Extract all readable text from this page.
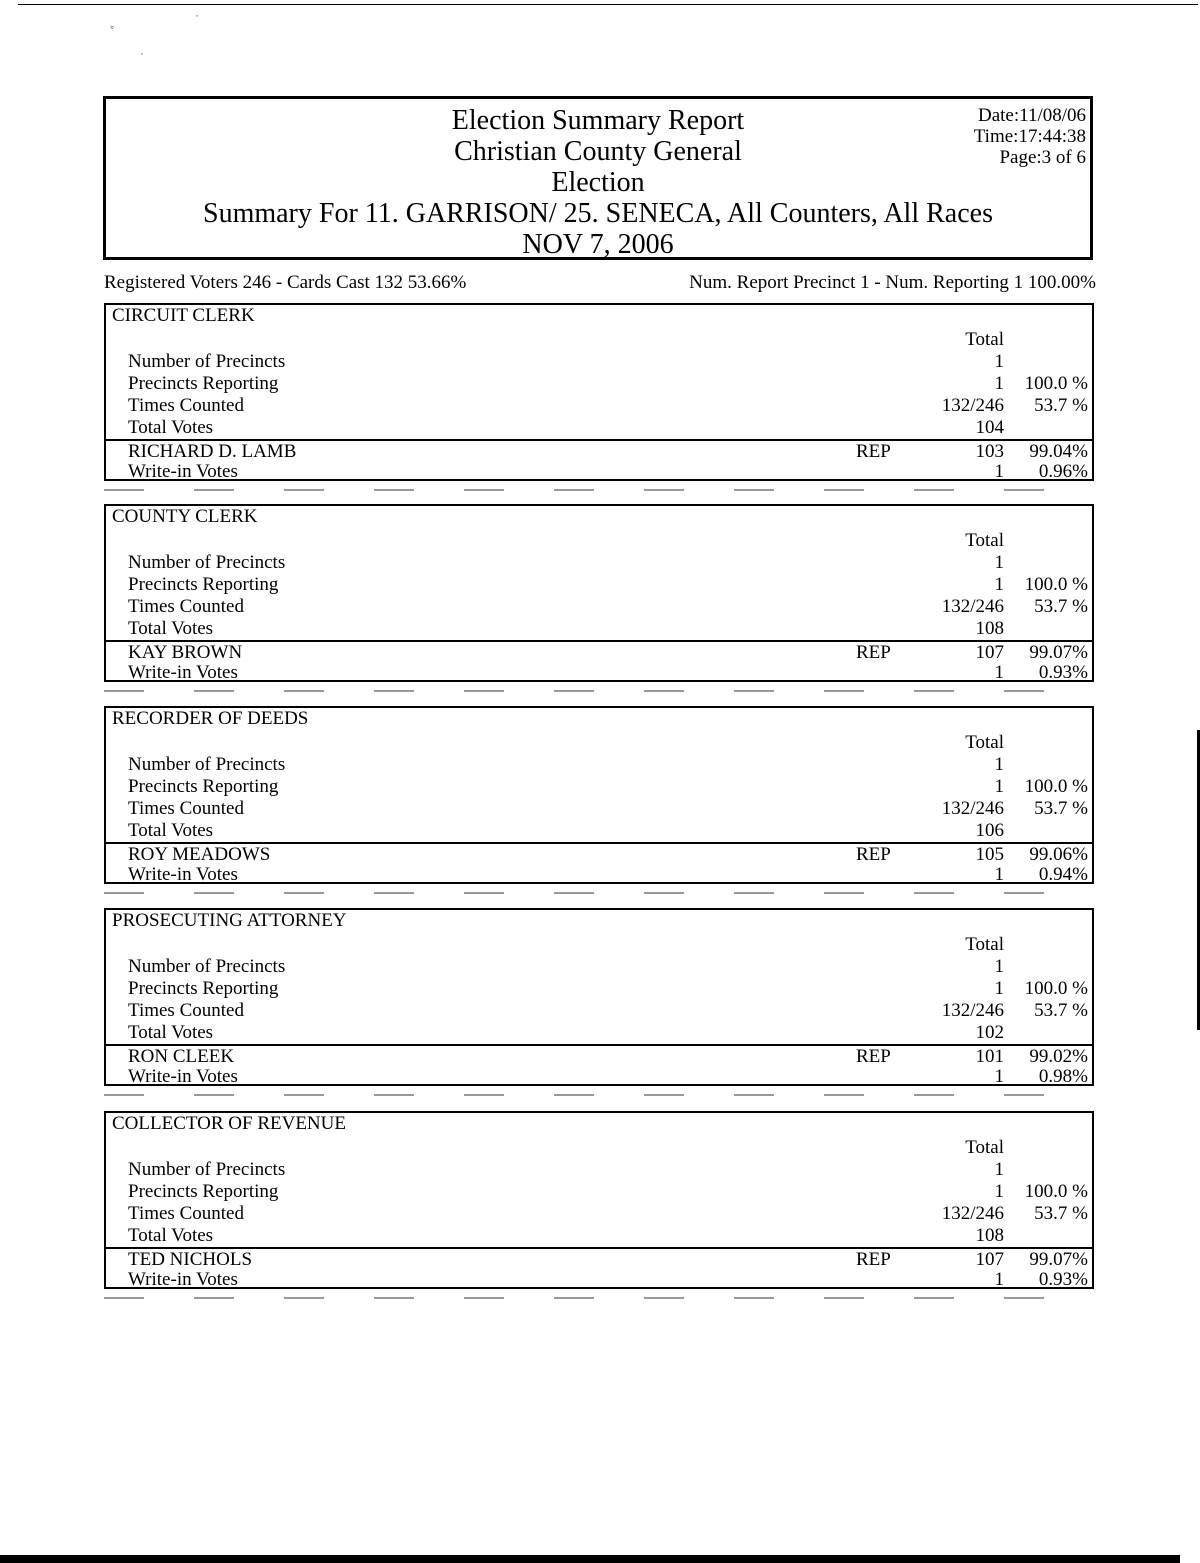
◦
˙
˙
Election Summary Report
Christian County General
Election
Summary For 11. GARRISON/ 25. SENECA, All Counters, All Races
NOV 7, 2006
Date:11/08/06
Time:17:44:38
Page:3 of 6
Registered Voters 246 - Cards Cast 132 53.66%	Num. Report Precinct 1 - Num. Reporting 1 100.00%
CIRCUIT CLERK
Total
Number of Precincts	1
Precincts Reporting	1 100.0 %
Times Counted	132/246 53.7 %
Total Votes	104
RICHARD D. LAMB	REP	103 99.04%
Write-in Votes	1 0.96%
COUNTY CLERK
Total
Number of Precincts	1
Precincts Reporting	1 100.0 %
Times Counted	132/246 53.7 %
Total Votes	108
KAY BROWN	REP	107 99.07%
Write-in Votes	1 0.93%
RECORDER OF DEEDS
Total
Number of Precincts	1
Precincts Reporting	1 100.0 %
Times Counted	132/246 53.7 %
Total Votes	106
ROY MEADOWS	REP	105 99.06%
Write-in Votes	1 0.94%
PROSECUTING ATTORNEY
Total
Number of Precincts	1
Precincts Reporting	1 100.0 %
Times Counted	132/246 53.7 %
Total Votes	102
RON CLEEK	REP	101 99.02%
Write-in Votes	1 0.98%
COLLECTOR OF REVENUE
Total
Number of Precincts	1
Precincts Reporting	1 100.0 %
Times Counted	132/246 53.7 %
Total Votes	108
TED NICHOLS	REP	107 99.07%
Write-in Votes	1 0.93%
